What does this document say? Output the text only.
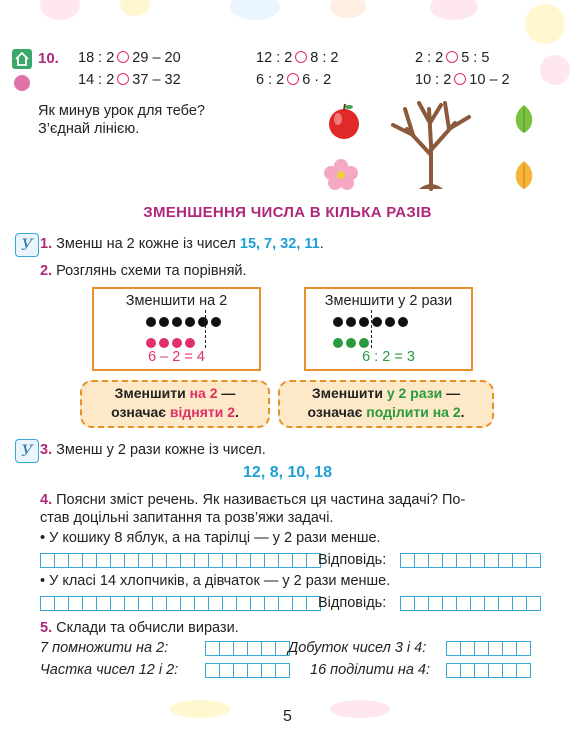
10. 18 : 2 29 – 20
14 : 2 37 – 32
12 : 2 8 : 2
6 : 2 6 · 2
2 : 2 5 : 5
10 : 2 10 – 2
Як минув урок для тебе?
З’єднай лінією.
ЗМЕНШЕННЯ ЧИСЛА В КІЛЬКА РАЗІВ
У 1. Зменш на 2 кожне із чисел 15, 7, 32, 11.
2. Розглянь схеми та порівняй.
Зменшити на 2
6 – 2 = 4
Зменшити у 2 рази
6 : 2 = 3
Зменшити на 2 —
означає відняти 2.
Зменшити у 2 рази —
означає поділити на 2.
У 3. Зменш у 2 рази кожне із чисел.
12, 8, 10, 18
4. Поясни зміст речень. Як називається ця частина задачі? По-
став доцільні запитання та розв’яжи задачі.
• У кошику 8 яблук, а на тарілці — у 2 рази менше.
Відповідь:
• У класі 14 хлопчиків, а дівчаток — у 2 рази менше.
Відповідь:
5. Склади та обчисли вирази.
7 помножити на 2:	Добуток чисел 3 і 4:
Частка чисел 12 і 2:	16 поділити на 4:
5
